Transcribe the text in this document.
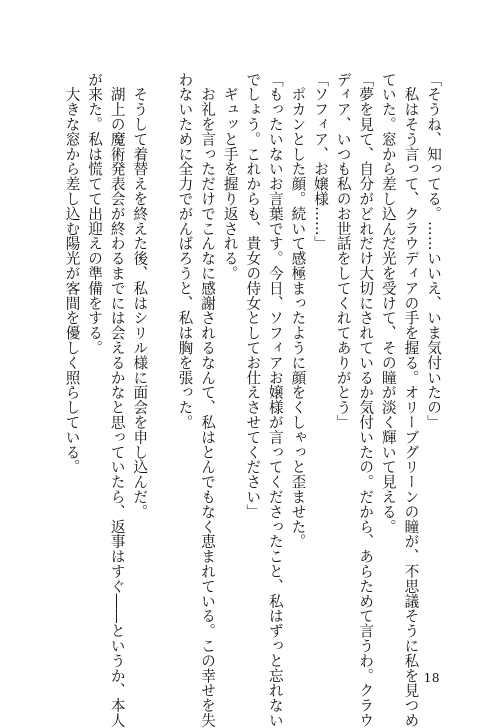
「そうね、知ってる。……いいえ、いま気付いたの」

　私はそう言って、クラウディアの手を握る。オリーブグリーンの瞳が、不思議そうに私を見つめ

ていた。窓から差し込んだ光を受けて、その瞳が淡く輝いて見える。

「夢を見て、自分がどれだけ大切にされているか気付いたの。だから、あらためて言うわ。クラウ

ディア、いつも私のお世話をしてくれてありがとう」

「ソフィア、お嬢様……」

　ポカンとした顔。続いて感極まったように顔をくしゃっと歪ませた。

「もったいないお言葉です。今日、ソフィアお嬢様が言ってくださったこと、私はずっと忘れない

でしょう。これからも、貴女の侍女としてお仕えさせてください」

　ギュッと手を握り返される。

　お礼を言っただけでこんなに感謝されるなんて、私はとんでもなく恵まれている。この幸せを失

わないために全力でがんばろうと、私は胸を張った。

　そうして着替えを終えた後、私はシリル様に面会を申し込んだ。

　湖上の魔術発表会が終わるまでには会えるかなと思っていたら、返事はすぐ――というか、本人

が来た。私は慌てて出迎えの準備をする。

　大きな窓から差し込む陽光が客間を優しく照らしている。

18
